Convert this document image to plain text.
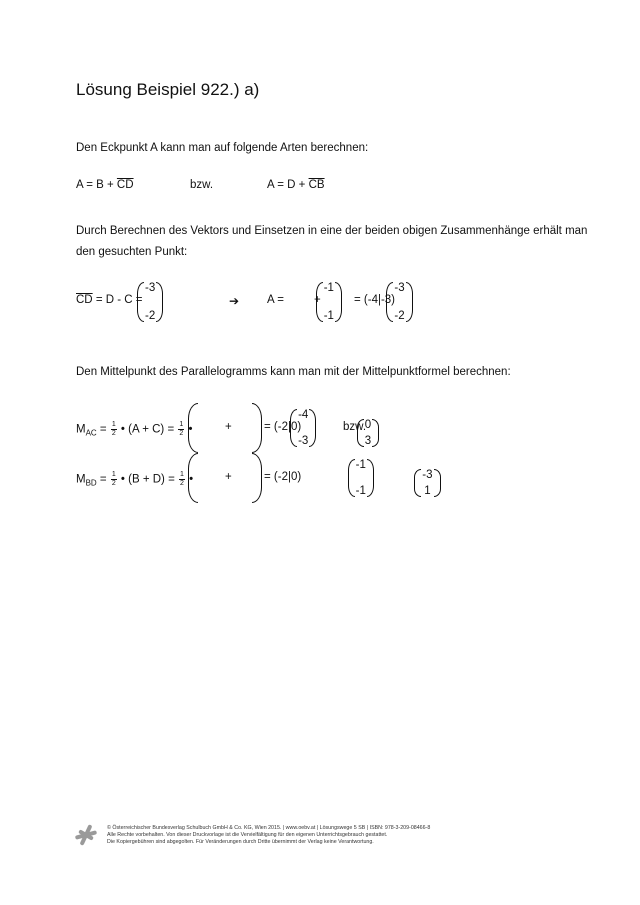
Lösung Beispiel 922.) a)
Den Eckpunkt A kann man auf folgende Arten berechnen:
$A = B + \overline{CD}$	bzw.	$A = D + \overline{CB}$
Durch Berechnen des Vektors und Einsetzen in eine der beiden obigen Zusammenhänge erhält man
den gesuchten Punkt:
$\overline{CD} = D - C$ =
-3
-2

➔ A =
-1
-1

+
-3
-2

= (-4|-3)
Den Mittelpunkt des Parallelogramms kann man mit der Mittelpunktformel berechnen:
$M_{AC} = \frac{1}{2}$ • $(A + C) = \frac{1}{2}$ •
-4
-3

+	0
3

= (-2|0)	bzw.
$M_{BD} = \frac{1}{2}$ • $(B + D) = \frac{1}{2}$ •
-1
-1

+	-3
1
= (-2|0)
© Österreichischer Bundesverlag Schulbuch GmbH & Co. KG, Wien 2015. | www.oebv.at | Lösungswege 5 SB | ISBN: 978-3-209-08466-8
Alle Rechte vorbehalten. Von dieser Druckvorlage ist die Vervielfältigung für den eigenen Unterrichtsgebrauch gestattet.
Die Kopiergebühren sind abgegolten. Für Veränderungen durch Dritte übernimmt der Verlag keine Verantwortung.
